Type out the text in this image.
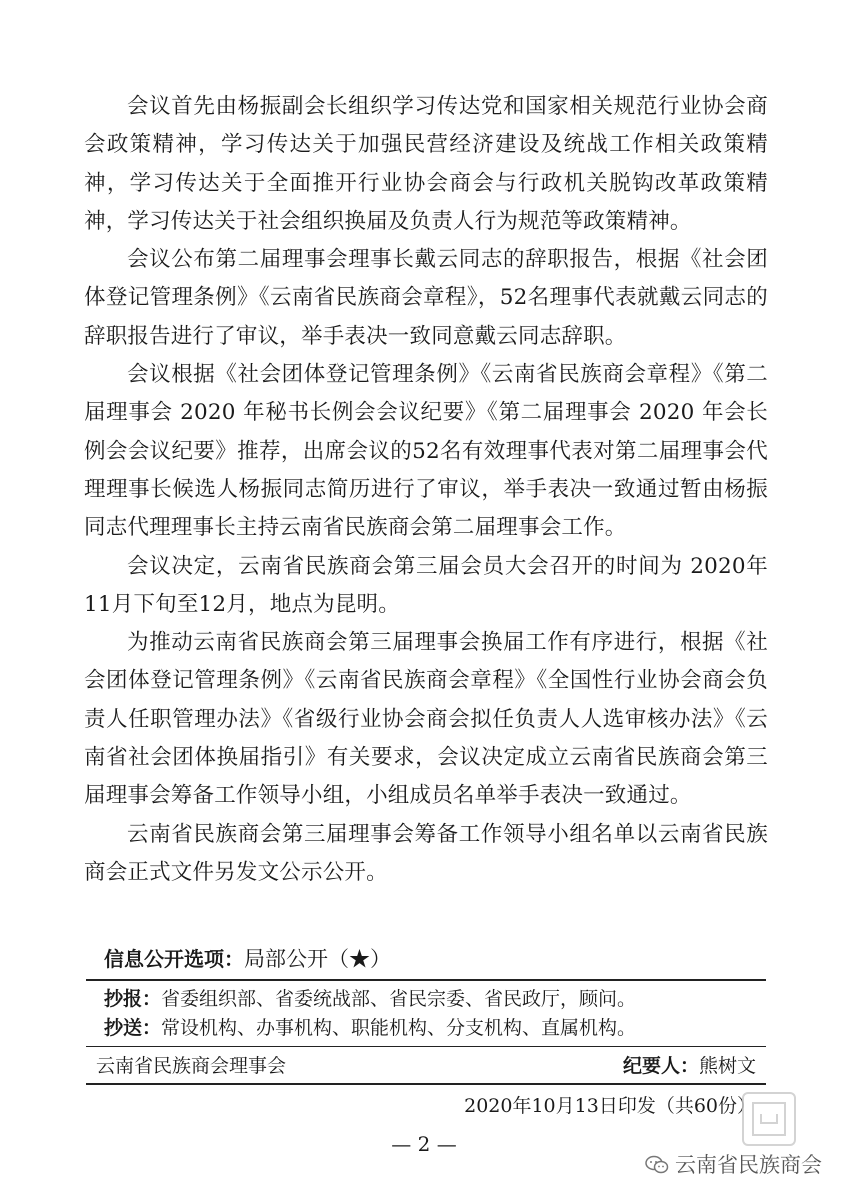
会议首先由杨振副会长组织学习传达党和国家相关规范行业协会商会政策精神，学习传达关于加强民营经济建设及统战工作相关政策精神，学习传达关于全面推开行业协会商会与行政机关脱钩改革政策精神，学习传达关于社会组织换届及负责人行为规范等政策精神。

会议公布第二届理事会理事长戴云同志的辞职报告，根据《社会团体登记管理条例》《云南省民族商会章程》，52名理事代表就戴云同志的辞职报告进行了审议，举手表决一致同意戴云同志辞职。

会议根据《社会团体登记管理条例》《云南省民族商会章程》《第二届理事会 2020 年秘书长例会会议纪要》《第二届理事会 2020 年会长例会会议纪要》推荐，出席会议的52名有效理事代表对第二届理事会代理理事长候选人杨振同志简历进行了审议，举手表决一致通过暂由杨振同志代理理事长主持云南省民族商会第二届理事会工作。

会议决定，云南省民族商会第三届会员大会召开的时间为 2020年11月下旬至12月，地点为昆明。

为推动云南省民族商会第三届理事会换届工作有序进行，根据《社会团体登记管理条例》《云南省民族商会章程》《全国性行业协会商会负责人任职管理办法》《省级行业协会商会拟任负责人人选审核办法》《云南省社会团体换届指引》有关要求，会议决定成立云南省民族商会第三届理事会筹备工作领导小组，小组成员名单举手表决一致通过。

云南省民族商会第三届理事会筹备工作领导小组名单以云南省民族商会正式文件另发文公示公开。

信息公开选项：局部公开（★）
抄报：省委组织部、省委统战部、省民宗委、省民政厅，顾问。
抄送：常设机构、办事机构、职能机构、分支机构、直属机构。
云南省民族商会理事会	纪要人：熊树文
2020年10月13日印发（共60份）
— 2 —
云南省民族商会
